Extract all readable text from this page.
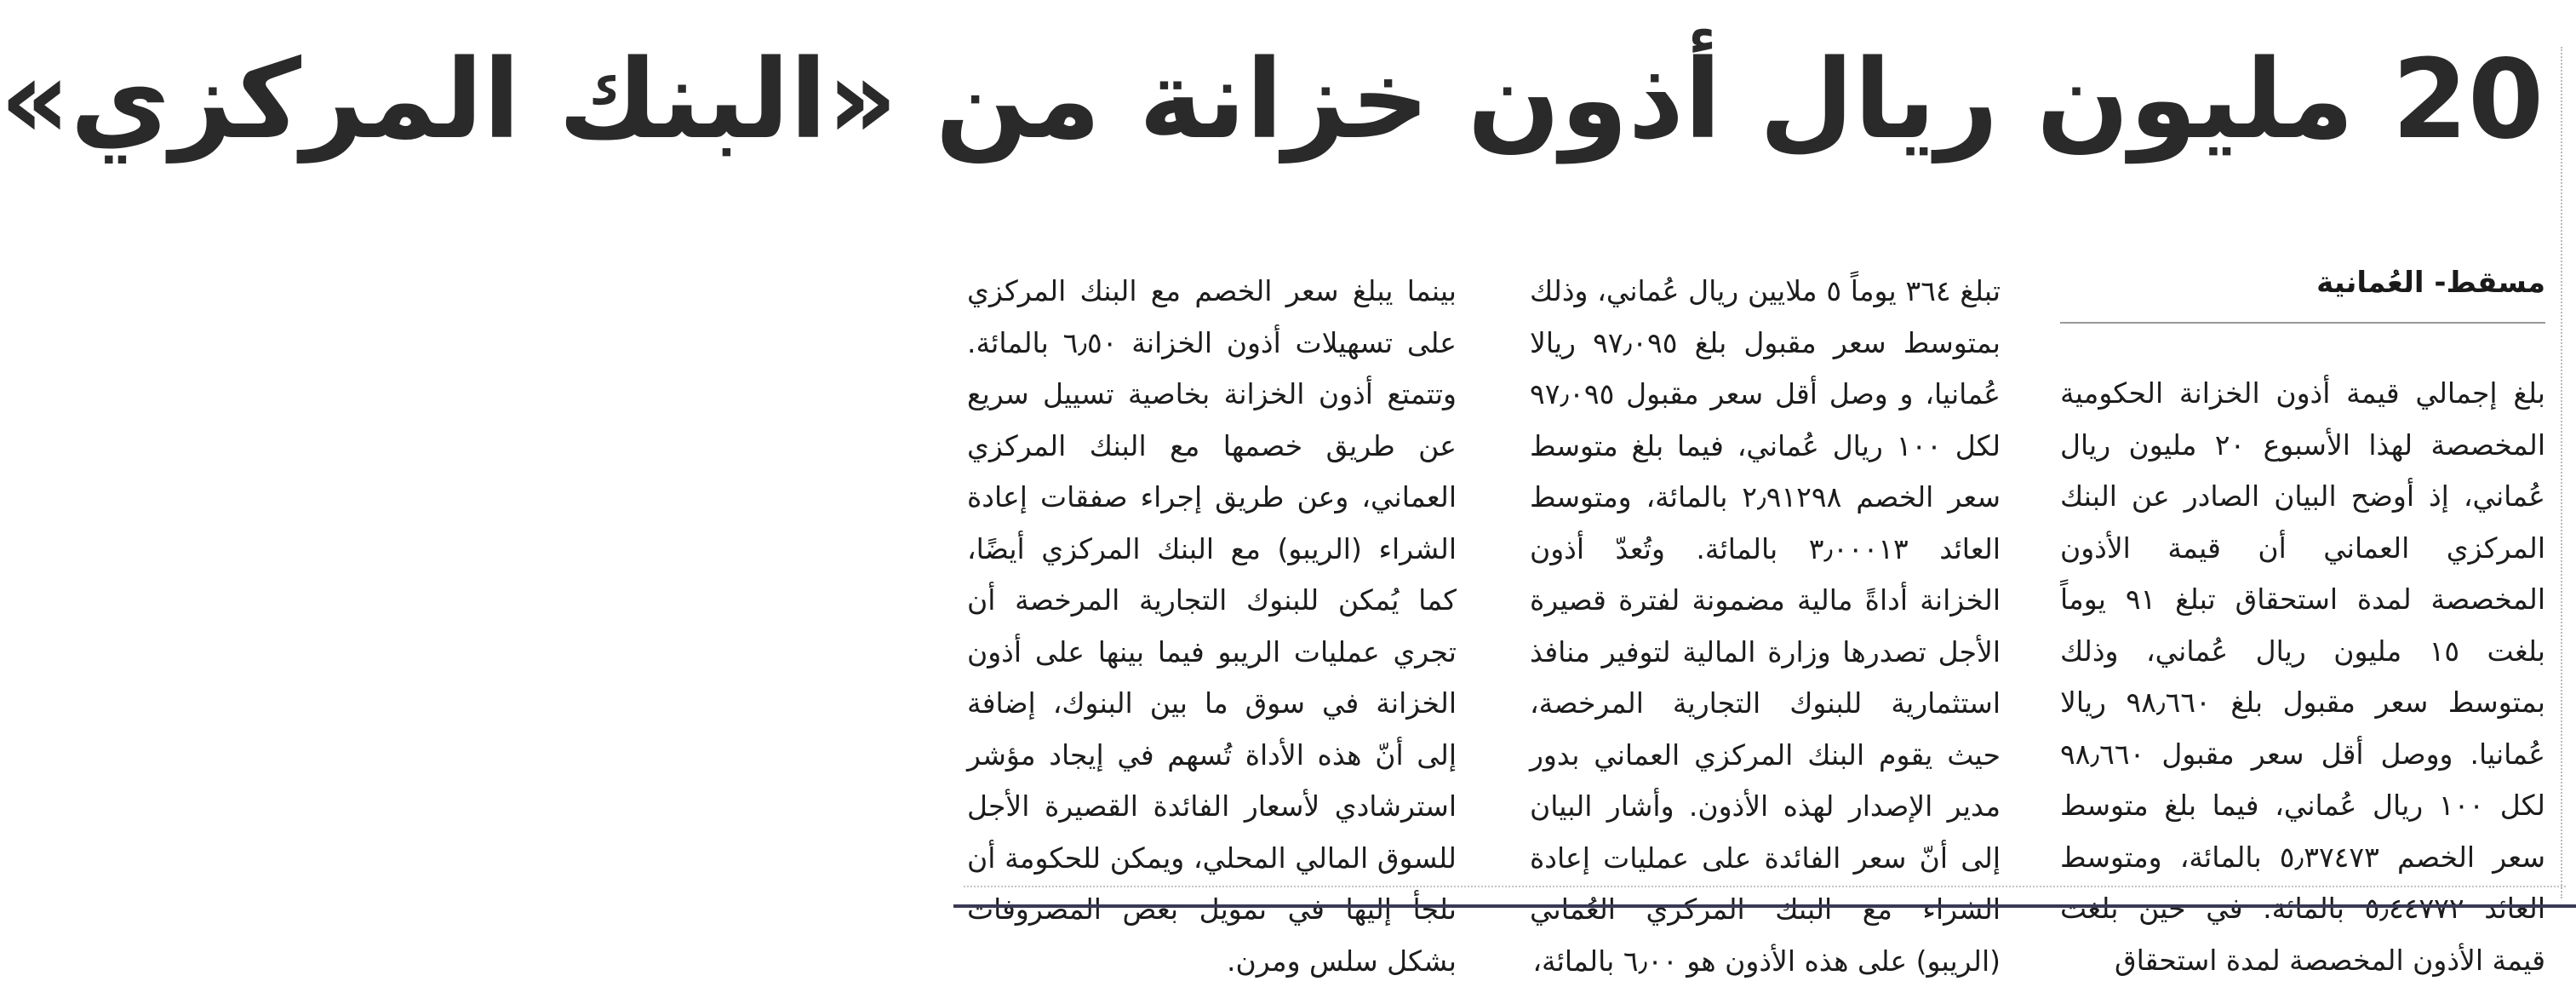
20 مليون ريال أذون خزانة من «البنك المركزي»
مسقط- العُمانية
بلغ إجمالي قيمة أذون الخزانة الحكومية المخصصة لهذا الأسبوع ٢٠ مليون ريال عُماني، إذ أوضح البيان الصادر عن البنك المركزي العماني أن قيمة الأذون المخصصة لمدة استحقاق تبلغ ٩١ يوماً بلغت ١٥ مليون ريال عُماني، وذلك بمتوسط سعر مقبول بلغ ٩٨٫٦٦٠ ريالا عُمانيا. ووصل أقل سعر مقبول ٩٨٫٦٦٠ لكل ١٠٠ ريال عُماني، فيما بلغ متوسط سعر الخصم ٥٫٣٧٤٧٣ بالمائة، ومتوسط العائد ٥٫٤٤٧٧٢ بالمائة. في حين بلغت قيمة الأذون المخصصة لمدة استحقاق
تبلغ ٣٦٤ يوماً ٥ ملايين ريال عُماني، وذلك بمتوسط سعر مقبول بلغ ٩٧٫٠٩٥ ريالا عُمانيا، و وصل أقل سعر مقبول ٩٧٫٠٩٥ لكل ١٠٠ ريال عُماني، فيما بلغ متوسط سعر الخصم ٢٫٩١٢٩٨ بالمائة، ومتوسط العائد ٣٫٠٠٠١٣ بالمائة. وتُعدّ أذون الخزانة أداةً مالية مضمونة لفترة قصيرة الأجل تصدرها وزارة المالية لتوفير منافذ استثمارية للبنوك التجارية المرخصة، حيث يقوم البنك المركزي العماني بدور مدير الإصدار لهذه الأذون. وأشار البيان إلى أنّ سعر الفائدة على عمليات إعادة الشراء مع البنك المركزي العُماني (الريبو) على هذه الأذون هو ٦٫٠٠ بالمائة،
بينما يبلغ سعر الخصم مع البنك المركزي على تسهيلات أذون الخزانة ٦٫٥٠ بالمائة. وتتمتع أذون الخزانة بخاصية تسييل سريع عن طريق خصمها مع البنك المركزي العماني، وعن طريق إجراء صفقات إعادة الشراء (الريبو) مع البنك المركزي أيضًا، كما يُمكن للبنوك التجارية المرخصة أن تجري عمليات الريبو فيما بينها على أذون الخزانة في سوق ما بين البنوك، إضافة إلى أنّ هذه الأداة تُسهم في إيجاد مؤشر استرشادي لأسعار الفائدة القصيرة الأجل للسوق المالي المحلي، ويمكن للحكومة أن تلجأ إليها في تمويل بعض المصروفات بشكل سلس ومرن.
